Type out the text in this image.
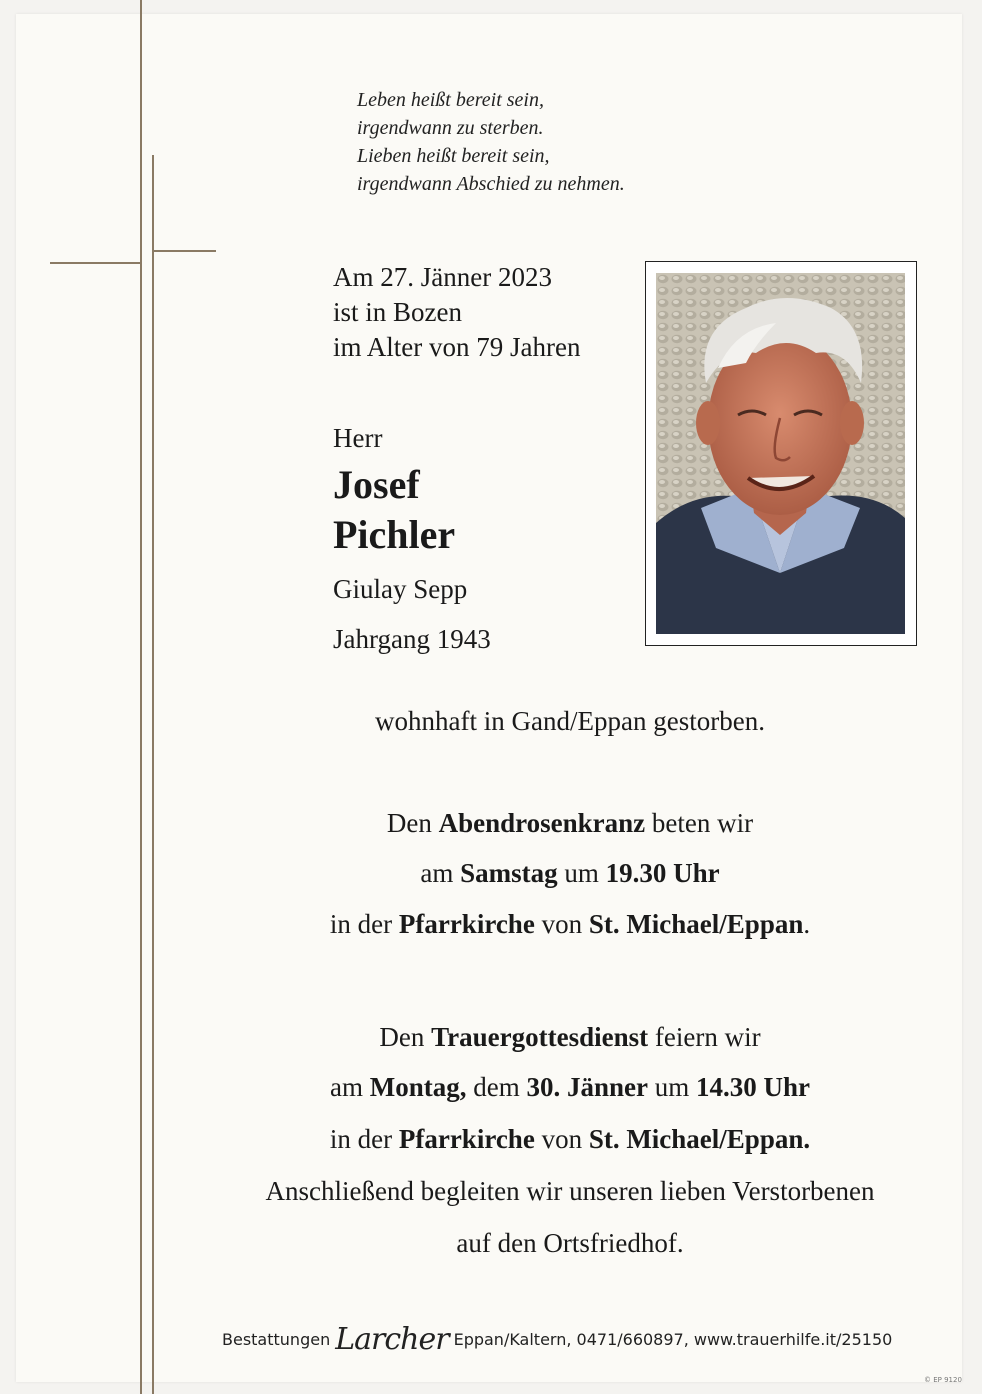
Leben heißt bereit sein,
irgendwann zu sterben.
Lieben heißt bereit sein,
irgendwann Abschied zu nehmen.
Am 27. Jänner 2023
ist in Bozen
im Alter von 79 Jahren
Herr
Josef
Pichler
Giulay Sepp
Jahrgang 1943
wohnhaft in Gand/Eppan gestorben.
Den Abendrosenkranz beten wir
am Samstag um 19.30 Uhr
in der Pfarrkirche von St. Michael/Eppan.
Den Trauergottesdienst feiern wir
am Montag, dem 30. Jänner um 14.30 Uhr
in der Pfarrkirche von St. Michael/Eppan.
Anschließend begleiten wir unseren lieben Verstorbenen
auf den Ortsfriedhof.
Bestattungen Larcher Eppan/Kaltern, 0471/660897, www.trauerhilfe.it/25150
© EP 9120
